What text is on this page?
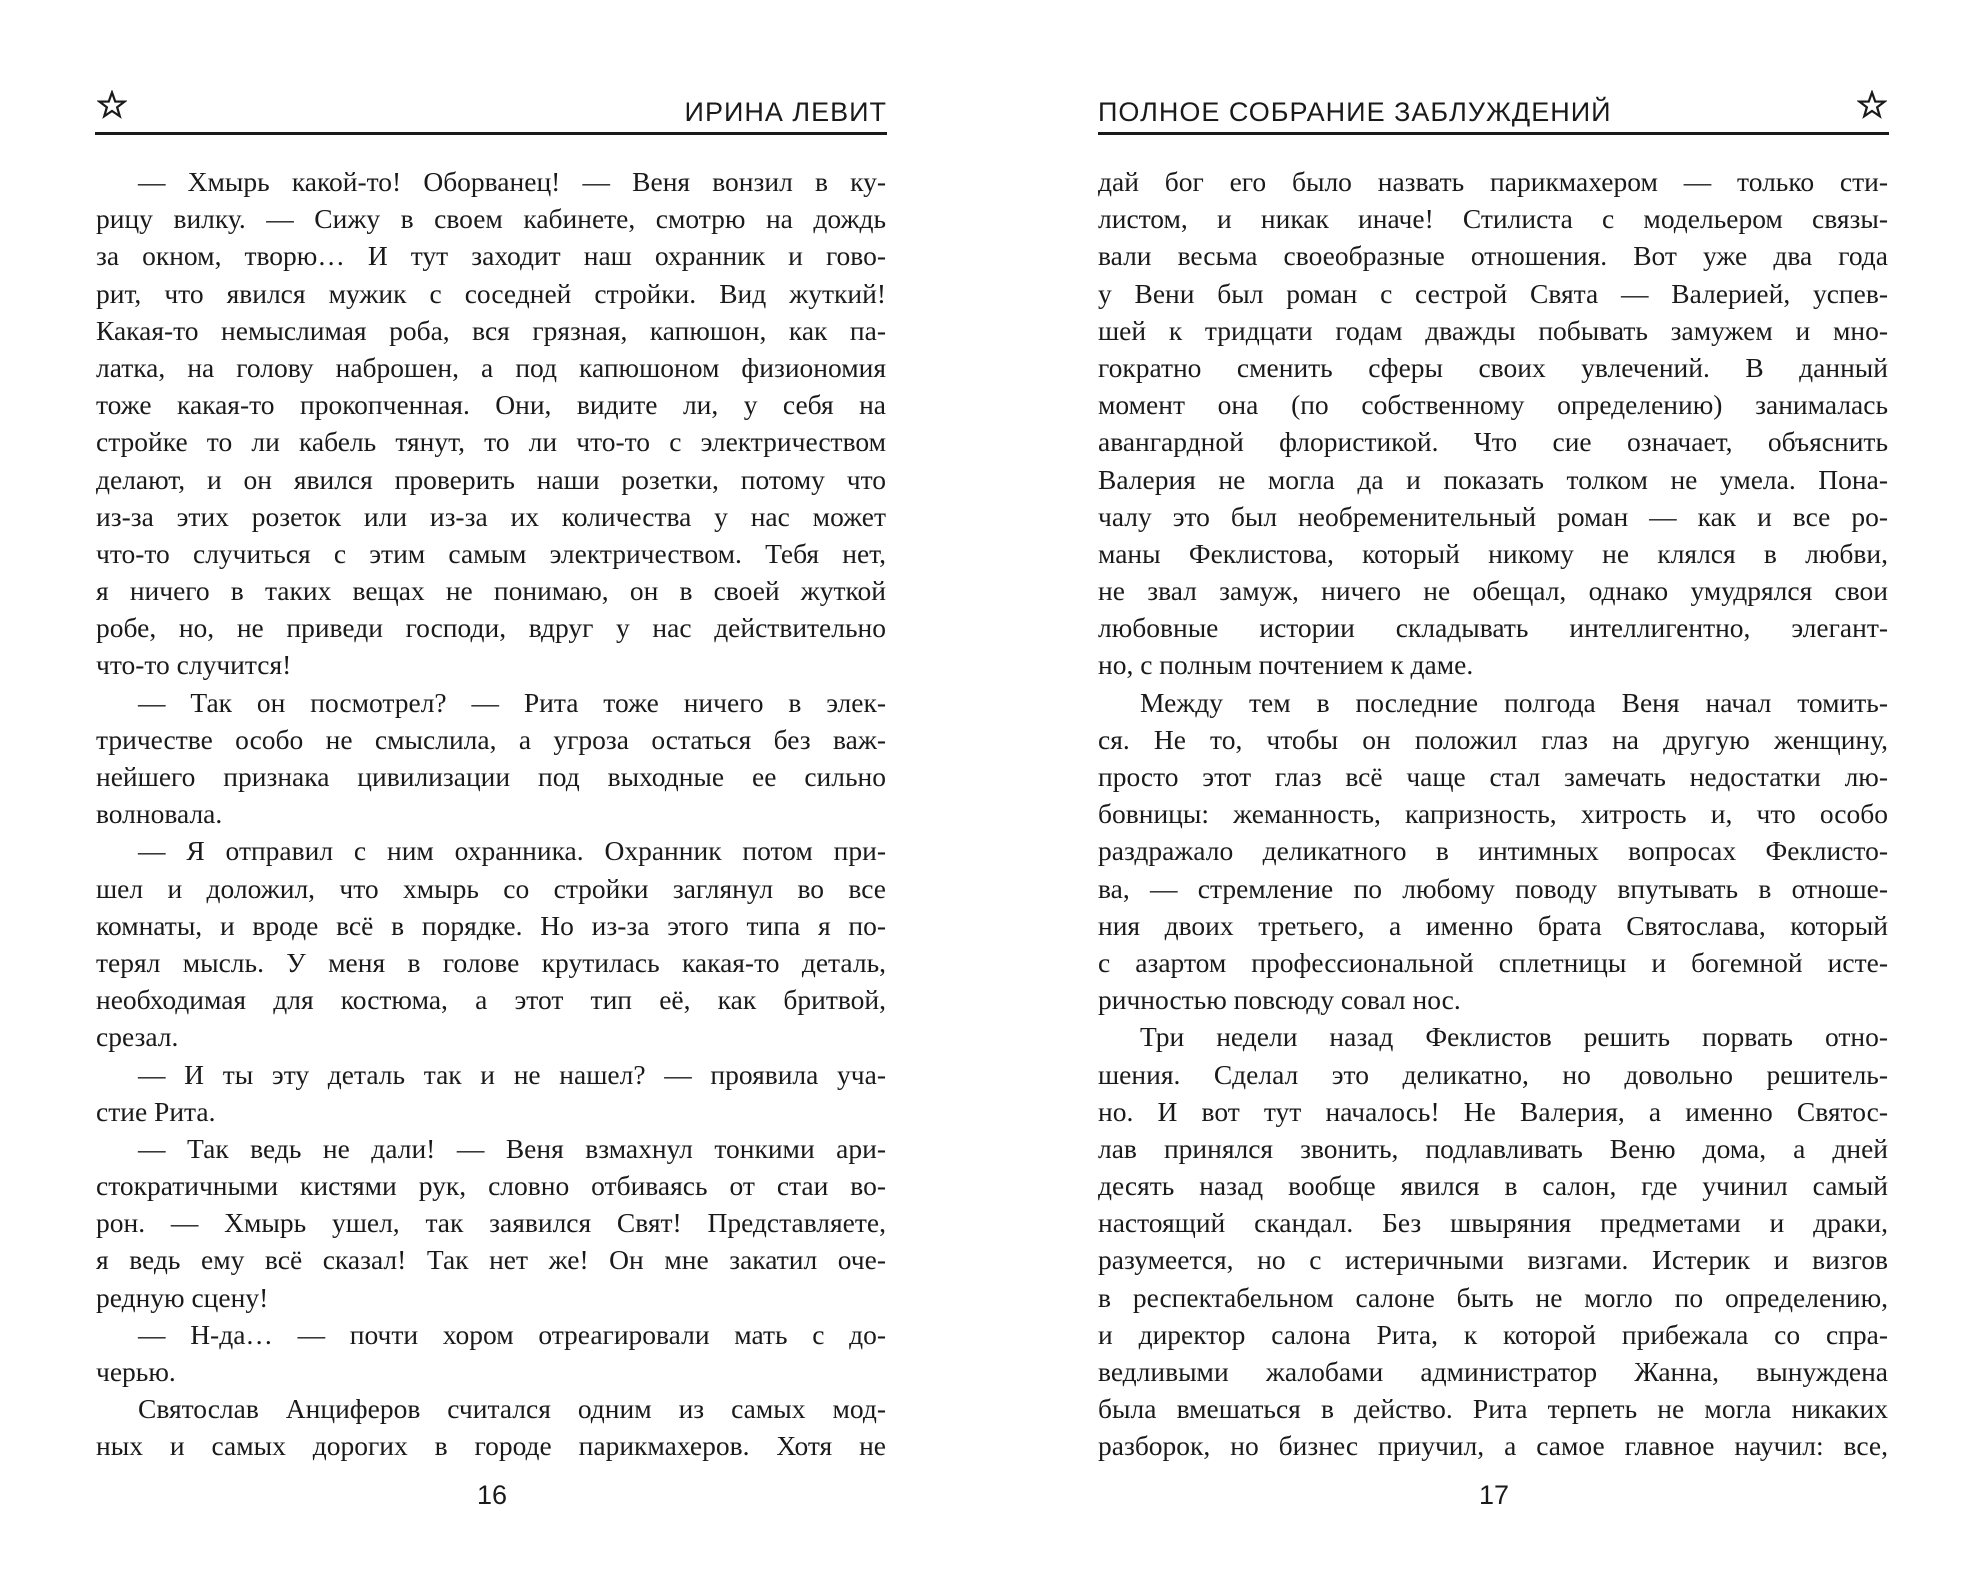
ИРИНА ЛЕВИТ
— Хмырь какой-то! Оборванец! — Веня вонзил в ку-
рицу вилку. — Сижу в своем кабинете, смотрю на дождь
за окном, творю… И тут заходит наш охранник и гово-
рит, что явился мужик с соседней стройки. Вид жуткий!
Какая-то немыслимая роба, вся грязная, капюшон, как па-
латка, на голову наброшен, а под капюшоном физиономия
тоже какая-то прокопченная. Они, видите ли, у себя на
стройке то ли кабель тянут, то ли что-то с электричеством
делают, и он явился проверить наши розетки, потому что
из-за этих розеток или из-за их количества у нас может
что-то случиться с этим самым электричеством. Тебя нет,
я ничего в таких вещах не понимаю, он в своей жуткой
робе, но, не приведи господи, вдруг у нас действительно
что-то случится!
— Так он посмотрел? — Рита тоже ничего в элек-
тричестве особо не смыслила, а угроза остаться без важ-
нейшего признака цивилизации под выходные ее сильно
волновала.
— Я отправил с ним охранника. Охранник потом при-
шел и доложил, что хмырь со стройки заглянул во все
комнаты, и вроде всё в порядке. Но из-за этого типа я по-
терял мысль. У меня в голове крутилась какая-то деталь,
необходимая для костюма, а этот тип её, как бритвой,
срезал.
— И ты эту деталь так и не нашел? — проявила уча-
стие Рита.
— Так ведь не дали! — Веня взмахнул тонкими ари-
стократичными кистями рук, словно отбиваясь от стаи во-
рон. — Хмырь ушел, так заявился Свят! Представляете,
я ведь ему всё сказал! Так нет же! Он мне закатил оче-
редную сцену!
— Н-да… — почти хором отреагировали мать с до-
черью.
Святослав Анциферов считался одним из самых мод-
ных и самых дорогих в городе парикмахеров. Хотя не
16
ПОЛНОЕ СОБРАНИЕ ЗАБЛУЖДЕНИЙ
дай бог его было назвать парикмахером — только сти-
листом, и никак иначе! Стилиста с модельером связы-
вали весьма своеобразные отношения. Вот уже два года
у Вени был роман с сестрой Свята — Валерией, успев-
шей к тридцати годам дважды побывать замужем и мно-
гократно сменить сферы своих увлечений. В данный
момент она (по собственному определению) занималась
авангардной флористикой. Что сие означает, объяснить
Валерия не могла да и показать толком не умела. Пона-
чалу это был необременительный роман — как и все ро-
маны Феклистова, который никому не клялся в любви,
не звал замуж, ничего не обещал, однако умудрялся свои
любовные истории складывать интеллигентно, элегант-
но, с полным почтением к даме.
Между тем в последние полгода Веня начал томить-
ся. Не то, чтобы он положил глаз на другую женщину,
просто этот глаз всё чаще стал замечать недостатки лю-
бовницы: жеманность, капризность, хитрость и, что особо
раздражало деликатного в интимных вопросах Феклисто-
ва, — стремление по любому поводу впутывать в отноше-
ния двоих третьего, а именно брата Святослава, который
с азартом профессиональной сплетницы и богемной исте-
ричностью повсюду совал нос.
Три недели назад Феклистов решить порвать отно-
шения. Сделал это деликатно, но довольно решитель-
но. И вот тут началось! Не Валерия, а именно Святос-
лав принялся звонить, подлавливать Веню дома, а дней
десять назад вообще явился в салон, где учинил самый
настоящий скандал. Без швыряния предметами и драки,
разумеется, но с истеричными визгами. Истерик и визгов
в респектабельном салоне быть не могло по определению,
и директор салона Рита, к которой прибежала со спра-
ведливыми жалобами администратор Жанна, вынуждена
была вмешаться в действо. Рита терпеть не могла никаких
разборок, но бизнес приучил, а самое главное научил: все,
17
